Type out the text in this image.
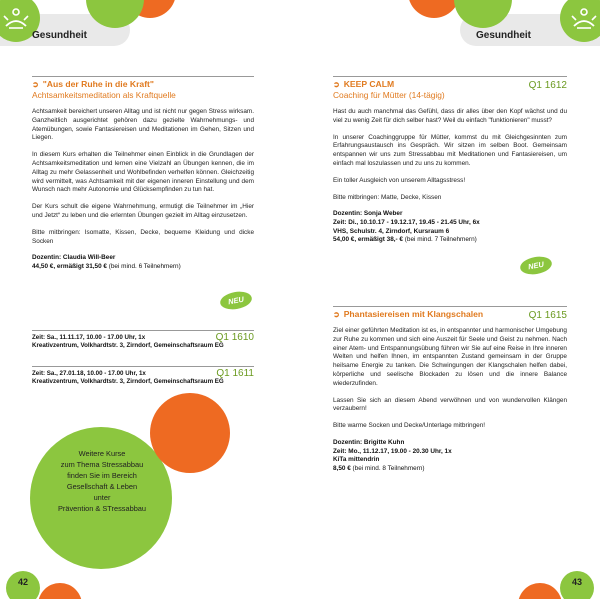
Gesundheit
➲ "Aus der Ruhe in die Kraft"
Achtsamkeitsmeditation als Kraftquelle

Achtsamkeit bereichert unseren Alltag und ist nicht nur gegen Stress wirksam. Ganzheitlich ausgerichtet gehören dazu gezielte Wahrnehmungs- und Atemübungen, sowie Fantasiereisen und Meditationen im Gehen, Sitzen und Liegen.

In diesem Kurs erhalten die Teilnehmer einen Einblick in die Grundlagen der Achtsamkeitsmeditation und lernen eine Vielzahl an Übungen kennen, die im Alltag zu mehr Gelassenheit und Wohlbefinden verhelfen können. Gleichzeitig wird vermittelt, was Achtsamkeit mit der eigenen inneren Einstellung und dem Wunsch nach mehr Autonomie und Glücksempfinden zu tun hat.

Der Kurs schult die eigene Wahrnehmung, ermutigt die Teilnehmer im „Hier und Jetzt“ zu leben und die erlernten Übungen gezielt im Alltag einzusetzen.

Bitte mitbringen: Isomatte, Kissen, Decke, bequeme Kleidung und dicke Socken

Dozentin: Claudia Will-Beer
44,50 €, ermäßigt 31,50 € (bei mind. 6 Teilnehmern)
NEU
Zeit: Sa., 11.11.17, 10.00 - 17.00 Uhr, 1x
Kreativzentrum, Volkhardtstr. 3, Zirndorf, Gemeinschaftsraum EG
Q1 1610
Zeit: Sa., 27.01.18, 10.00 - 17.00 Uhr, 1x
Kreativzentrum, Volkhardtstr. 3, Zirndorf, Gemeinschaftsraum EG
Q1 1611
Weitere Kurse
zum Thema Stressabbau
finden Sie im Bereich
Gesellschaft & Leben
unter
Prävention & STressabbau
42
Gesundheit
➲ KEEP CALM
Coaching für Mütter (14-tägig)
Q1 1612

Hast du auch manchmal das Gefühl, dass dir alles über den Kopf wächst und du viel zu wenig Zeit für dich selber hast? Weil du einfach "funktionieren" musst?

In unserer Coachinggruppe für Mütter, kommst du mit Gleichgesinnten zum Erfahrungsaustausch ins Gespräch. Wir sitzen im selben Boot. Gemeinsam entspannen wir uns zum Stressabbau mit Meditationen und Fantasiereisen, um einfach mal loszulassen und zu uns zu kommen.

Ein toller Ausgleich von unserem Alltagsstress!

Bitte mitbringen: Matte, Decke, Kissen

Dozentin: Sonja Weber
Zeit: Di., 10.10.17 - 19.12.17, 19.45 - 21.45 Uhr, 6x
VHS, Schulstr. 4, Zirndorf, Kursraum 6
54,00 €, ermäßigt 38,- € (bei mind. 7 Teilnehmern)
NEU
➲ Phantasiereisen mit Klangschalen	Q1 1615

Ziel einer geführten Meditation ist es, in entspannter und harmonischer Umgebung zur Ruhe zu kommen und sich eine Auszeit für Seele und Geist zu nehmen. Nach einer Atem- und Entspannungsübung führen wir Sie auf eine Reise in Ihre inneren Welten und helfen Ihnen, im entspannten Zustand gemeinsam in der Gruppe heilsame Energie zu tanken. Die Schwingungen der Klangschalen helfen dabei, körperliche und seelische Blockaden zu lösen und die innere Balance wiederzufinden.

Lassen Sie sich an diesem Abend verwöhnen und von wundervollen Klängen verzaubern!

Bitte warme Socken und Decke/Unterlage mitbringen!

Dozentin: Brigitte Kuhn
Zeit: Mo., 11.12.17, 19.00 - 20.30 Uhr, 1x
KiTa mittendrin
8,50 € (bei mind. 8 Teilnehmern)
43
